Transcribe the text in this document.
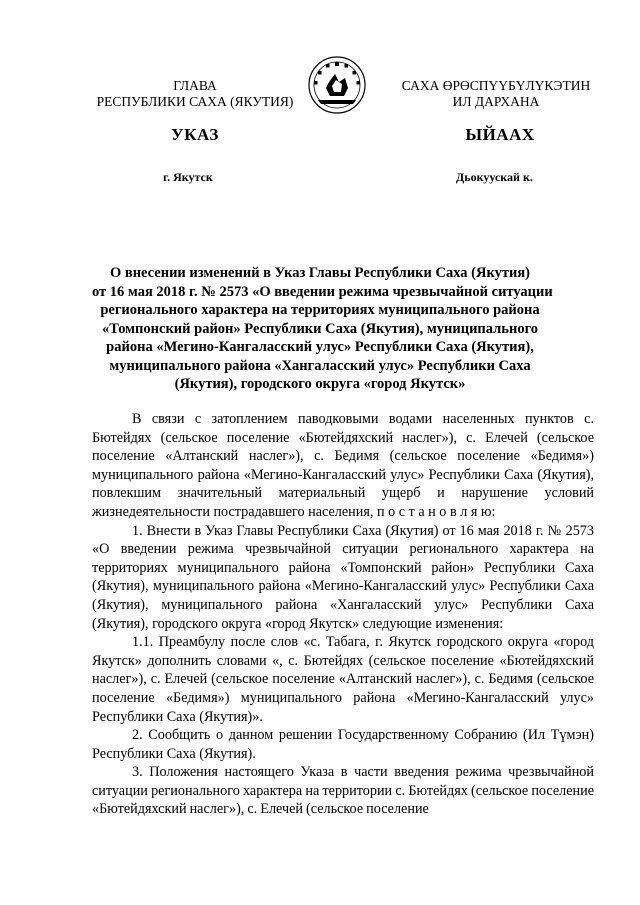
ГЛАВА
РЕСПУБЛИКИ САХА (ЯКУТИЯ)
САХА ӨРӨСПҮҮБҮЛҮКЭТИН
ИЛ ДАРХАНА
УКАЗ	ЫЙААХ
г. Якутск	Дьокуускай к.
О внесении изменений в Указ Главы Республики Саха (Якутия)
от 16 мая 2018 г. № 2573 «О введении режима чрезвычайной ситуации
регионального характера на территориях муниципального района
«Томпонский район» Республики Саха (Якутия), муниципального
района «Мегино-Кангаласский улус» Республики Саха (Якутия),
муниципального района «Хангаласский улус» Республики Саха
(Якутия), городского округа «город Якутск»

В связи с затоплением паводковыми водами населенных пунктов с. Бютейдях (сельское поселение «Бютейдяхский наслег»), с. Елечей (сельское поселение «Алтанский наслег»), с. Бедимя (сельское поселение «Бедимя») муниципального района «Мегино-Кангаласский улус» Республики Саха (Якутия), повлекшим значительный материальный ущерб и нарушение условий жизнедеятельности пострадавшего населения, п о с т а н о в л я ю:

1. Внести в Указ Главы Республики Саха (Якутия) от 16 мая 2018 г. № 2573 «О введении режима чрезвычайной ситуации регионального характера на территориях муниципального района «Томпонский район» Республики Саха (Якутия), муниципального района «Мегино-Кангаласский улус» Республики Саха (Якутия), муниципального района «Хангаласский улус» Республики Саха (Якутия), городского округа «город Якутск» следующие изменения:

1.1. Преамбулу после слов «с. Табага, г. Якутск городского округа «город Якутск» дополнить словами «, с. Бютейдях (сельское поселение «Бютейдяхский наслег»), с. Елечей (сельское поселение «Алтанский наслег»), с. Бедимя (сельское поселение «Бедимя») муниципального района «Мегино-Кангаласский улус» Республики Саха (Якутия)».

2. Сообщить о данном решении Государственному Собранию (Ил Түмэн) Республики Саха (Якутия).

3. Положения настоящего Указа в части введения режима чрезвычайной ситуации регионального характера на территории с. Бютейдях (сельское поселение «Бютейдяхский наслег»), с. Елечей (сельское поселение
